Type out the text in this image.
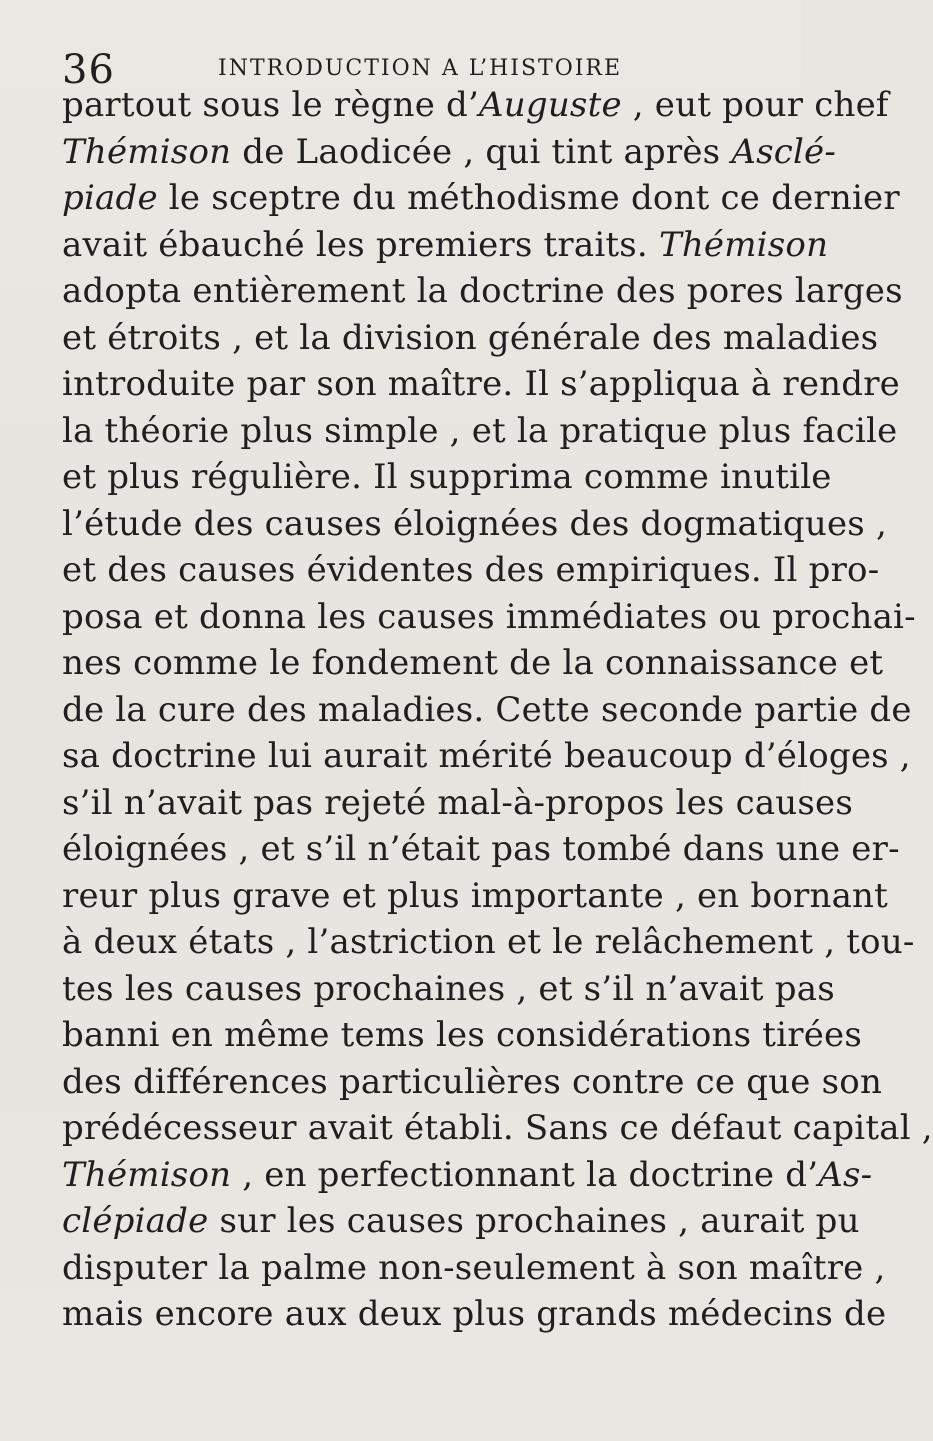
36	INTRODUCTION A L’HISTOIRE
partout sous le règne d’Auguste , eut pour chef
Thémison de Laodicée , qui tint après Asclé-
piade le sceptre du méthodisme dont ce dernier
avait ébauché les premiers traits. Thémison
adopta entièrement la doctrine des pores larges
et étroits , et la division générale des maladies
introduite par son maître. Il s’appliqua à rendre
la théorie plus simple , et la pratique plus facile
et plus régulière. Il supprima comme inutile
l’étude des causes éloignées des dogmatiques ,
et des causes évidentes des empiriques. Il pro-
posa et donna les causes immédiates ou prochai-
nes comme le fondement de la connaissance et
de la cure des maladies. Cette seconde partie de
sa doctrine lui aurait mérité beaucoup d’éloges ,
s’il n’avait pas rejeté mal-à-propos les causes
éloignées , et s’il n’était pas tombé dans une er-
reur plus grave et plus importante , en bornant
à deux états , l’astriction et le relâchement , tou-
tes les causes prochaines , et s’il n’avait pas
banni en même tems les considérations tirées
des différences particulières contre ce que son
prédécesseur avait établi. Sans ce défaut capital ,
Thémison , en perfectionnant la doctrine d’As-
clépiade sur les causes prochaines , aurait pu
disputer la palme non-seulement à son maître ,
mais encore aux deux plus grands médecins de
